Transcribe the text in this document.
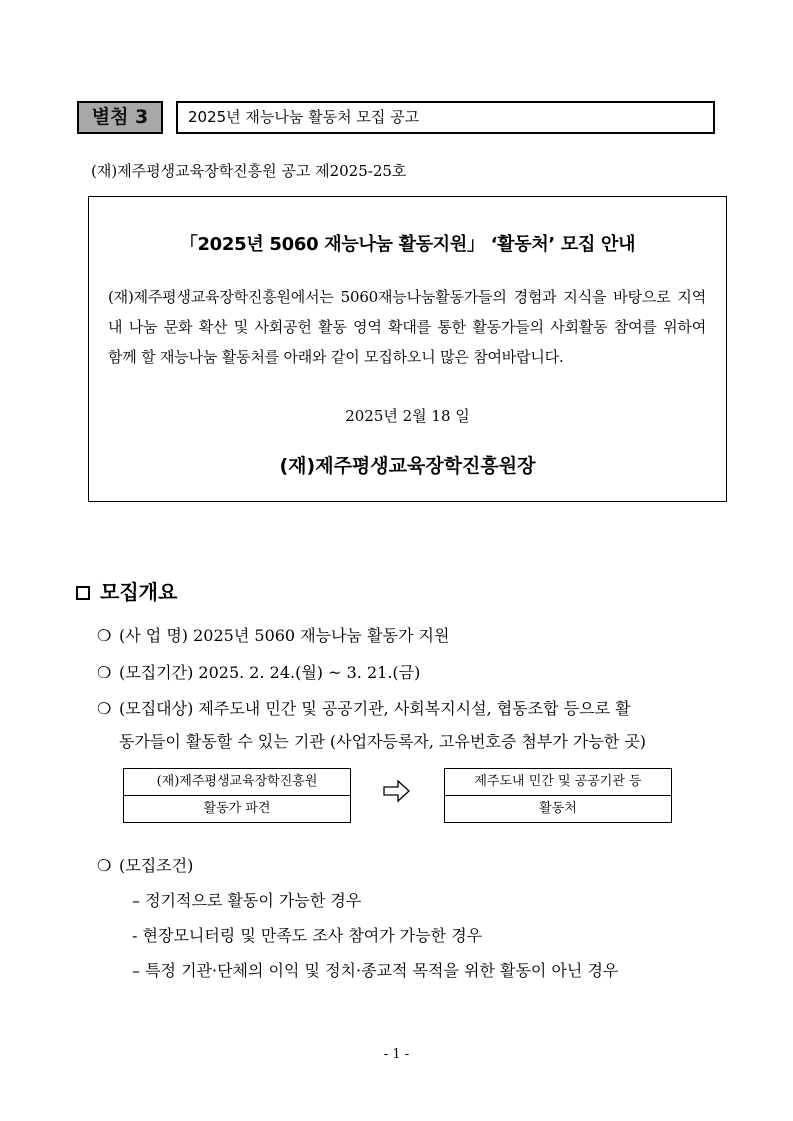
별첨 3	2025년 재능나눔 활동처 모집 공고
(재)제주평생교육장학진흥원 공고 제2025-25호
「2025년 5060 재능나눔 활동지원」 ‘활동처’ 모집 안내
(재)제주평생교육장학진흥원에서는 5060재능나눔활동가들의 경험과 지식을 바탕으로 지역 내 나눔 문화 확산 및 사회공헌 활동 영역 확대를 통한 활동가들의 사회활동 참여를 위하여 함께 할 재능나눔 활동처를 아래와 같이 모집하오니 많은 참여바랍니다.
2025년 2월 18 일
(재)제주평생교육장학진흥원장
모집개요
❍ (사 업 명) 2025년 5060 재능나눔 활동가 지원
❍ (모집기간) 2025. 2. 24.(월) ~ 3. 21.(금)
❍ (모집대상) 제주도내 민간 및 공공기관, 사회복지시설, 협동조합 등으로 활
동가들이 활동할 수 있는 기관 (사업자등록자, 고유번호증 첨부가 가능한 곳)
(재)제주평생교육장학진흥원
활동가 파견
제주도내 민간 및 공공기관 등
활동처
❍ (모집조건)
– 정기적으로 활동이 가능한 경우
- 현장모니터링 및 만족도 조사 참여가 가능한 경우
– 특정 기관·단체의 이익 및 정치·종교적 목적을 위한 활동이 아닌 경우
- 1 -
